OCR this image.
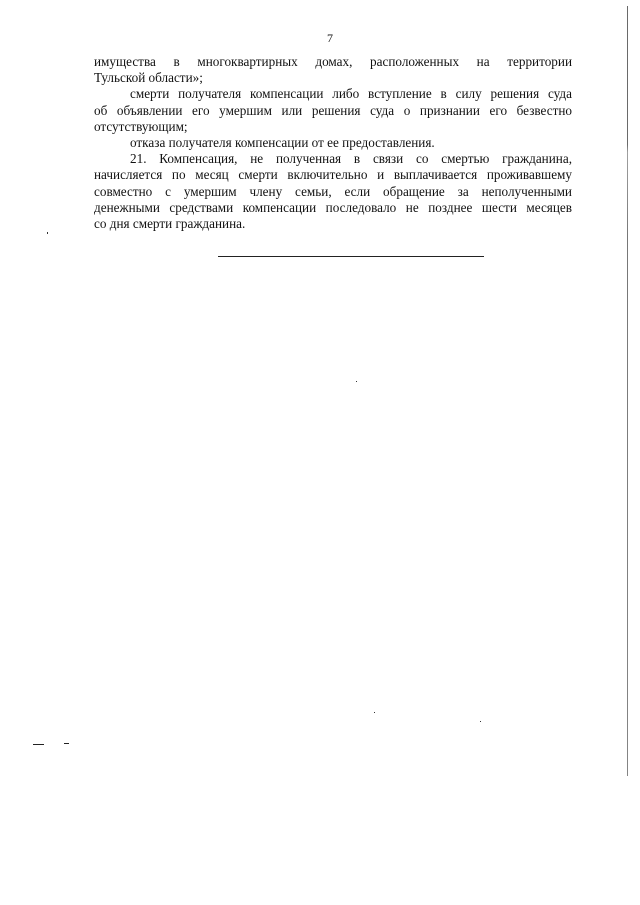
7

имущества в многоквартирных домах, расположенных на территории

Тульской области»;

смерти получателя компенсации либо вступление в силу решения суда

об объявлении его умершим или решения суда о признании его безвестно

отсутствующим;

отказа получателя компенсации от ее предоставления.

21. Компенсация, не полученная в связи со смертью гражданина,

начисляется по месяц смерти включительно и выплачивается проживавшему

совместно с умершим члену семьи, если обращение за неполученными

денежными средствами компенсации последовало не позднее шести месяцев

со дня смерти гражданина.
